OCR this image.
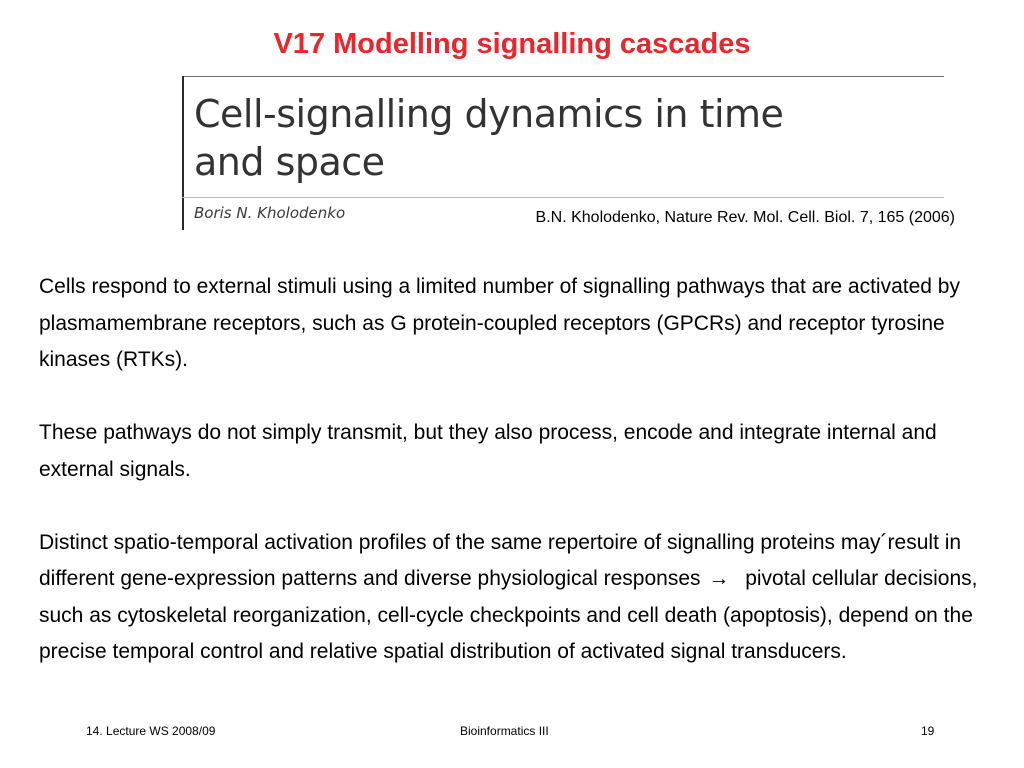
V17 Modelling signalling cascades
Cell-signalling dynamics in time
and space
Boris N. Kholodenko	B.N. Kholodenko, Nature Rev. Mol. Cell. Biol. 7, 165 (2006)

Cells respond to external stimuli using a limited number of signalling pathways that are activated by plasmamembrane receptors, such as G protein-coupled receptors (GPCRs) and receptor tyrosine kinases (RTKs).

These pathways do not simply transmit, but they also process, encode and integrate internal and external signals.

Distinct spatio-temporal activation profiles of the same repertoire of signalling proteins may´result in different gene-expression patterns and diverse physiological responses → pivotal cellular decisions, such as cytoskeletal reorganization, cell-cycle checkpoints and cell death (apoptosis), depend on the precise temporal control and relative spatial distribution of activated signal transducers.

14. Lecture WS 2008/09	Bioinformatics III	19
